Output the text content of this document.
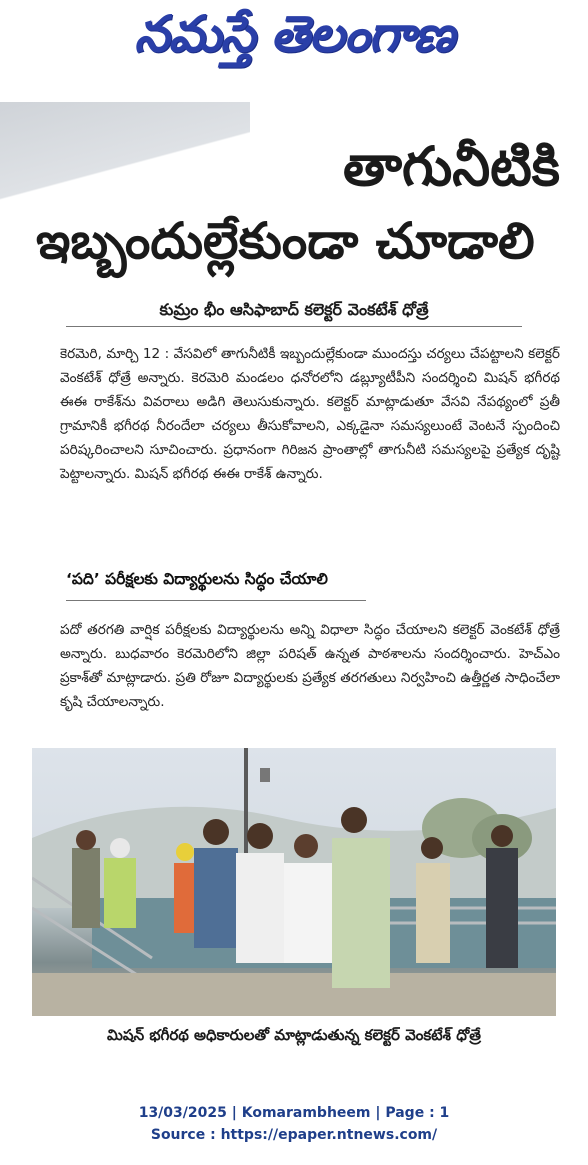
నమస్తే తెలంగాణ
తాగునీటికి
ఇబ్బందుల్లేకుండా చూడాలి
కుమ్రం భీం ఆసిఫాబాద్ కలెక్టర్ వెంకటేశ్ ధోత్రే
కెరమెరి, మార్చి 12 : వేసవిలో తాగునీటికీ ఇబ్బందుల్లేకుండా ముందస్తు చర్యలు చేపట్టాలని కలెక్టర్ వెంకటేశ్ ధోత్రే అన్నారు. కెరమెరి మండలం ధనోరలోని డబ్ల్యూటీపీని సందర్శించి మిషన్ భగీరథ ఈఈ రాకేశ్‌ను వివరాలు అడిగి తెలుసుకున్నారు. కలెక్టర్ మాట్లాడుతూ వేసవి నేపథ్యంలో ప్రతీ గ్రామానికీ భగీరథ నీరందేలా చర్యలు తీసుకోవాలని, ఎక్కడైనా సమస్యలుంటే వెంటనే స్పందించి పరిష్కరించాలని సూచించారు. ప్రధానంగా గిరిజన ప్రాంతాల్లో తాగునీటి సమస్యలపై ప్రత్యేక దృష్టి పెట్టాలన్నారు. మిషన్ భగీరథ ఈఈ రాకేశ్ ఉన్నారు.
‘పది’ పరీక్షలకు విద్యార్థులను సిద్ధం చేయాలి
పదో తరగతి వార్షిక పరీక్షలకు విద్యార్థులను అన్ని విధాలా సిద్ధం చేయాలని కలెక్టర్ వెంకటేశ్ ధోత్రే అన్నారు. బుధవారం కెరమెరిలోని జిల్లా పరిషత్ ఉన్నత పాఠశాలను సందర్శించారు. హెచ్‌ఎం ప్రకాశ్‌తో మాట్లాడారు. ప్రతి రోజూ విద్యార్థులకు ప్రత్యేక తరగతులు నిర్వహించి ఉత్తీర్ణత సాధించేలా కృషి చేయాలన్నారు.
మిషన్ భగీరథ అధికారులతో మాట్లాడుతున్న కలెక్టర్ వెంకటేశ్ ధోత్రే
13/03/2025 | Komarambheem | Page : 1
Source : https://epaper.ntnews.com/
